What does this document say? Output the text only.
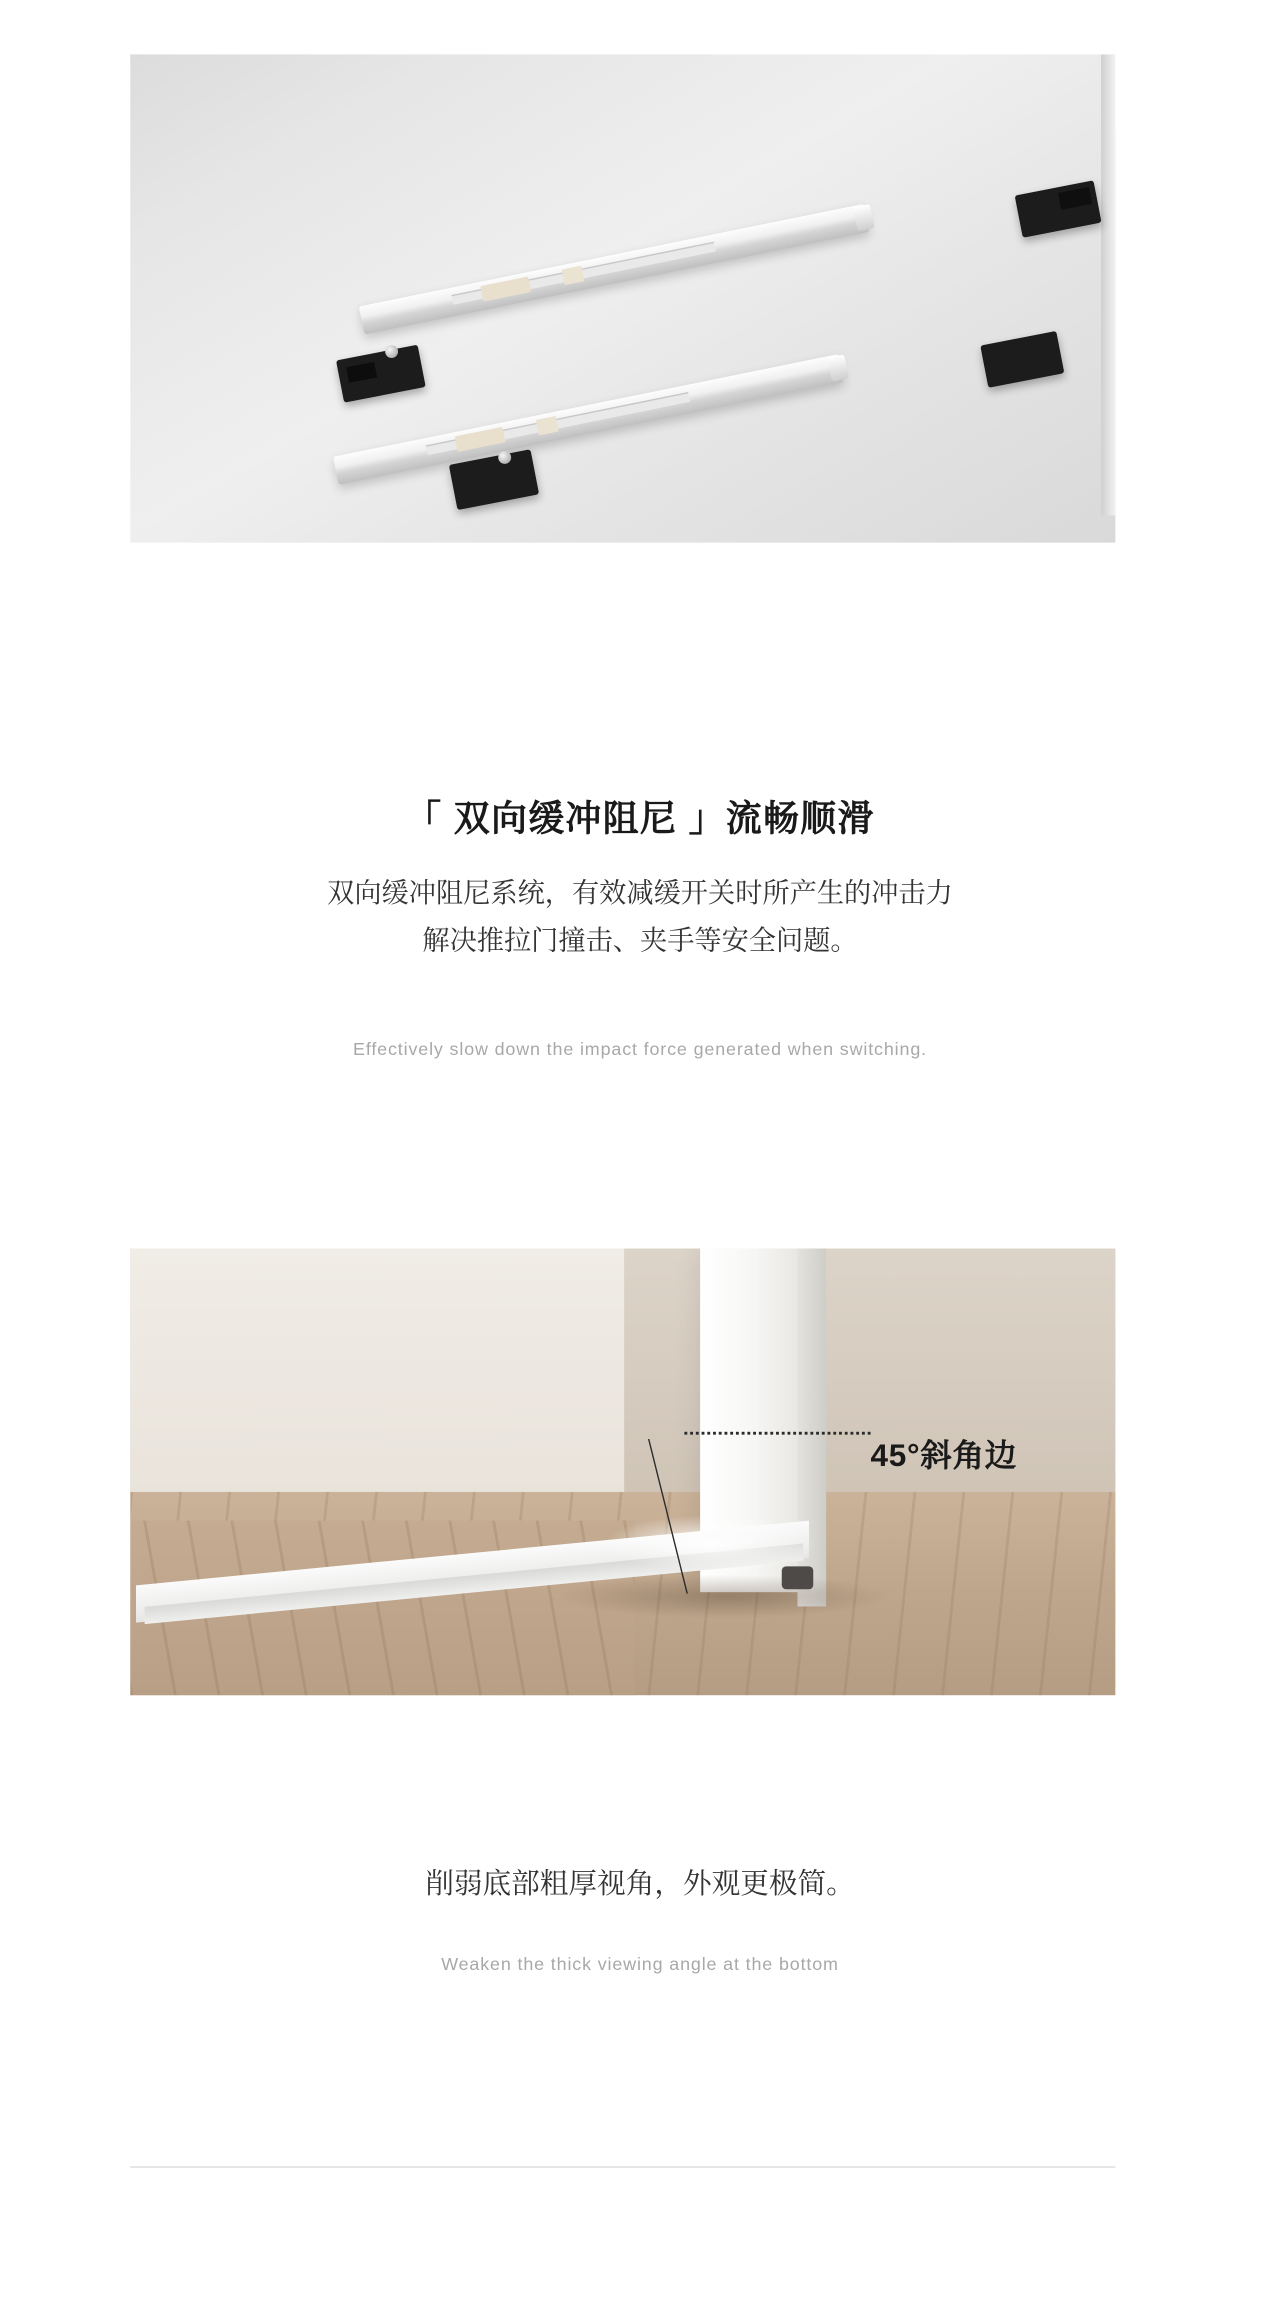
「 双向缓冲阻尼 」流畅顺滑
双向缓冲阻尼系统，有效减缓开关时所产生的冲击力
解决推拉门撞击、夹手等安全问题。
Effectively slow down the impact force generated when switching.
45°斜角边
削弱底部粗厚视角，外观更极简。
Weaken the thick viewing angle at the bottom
